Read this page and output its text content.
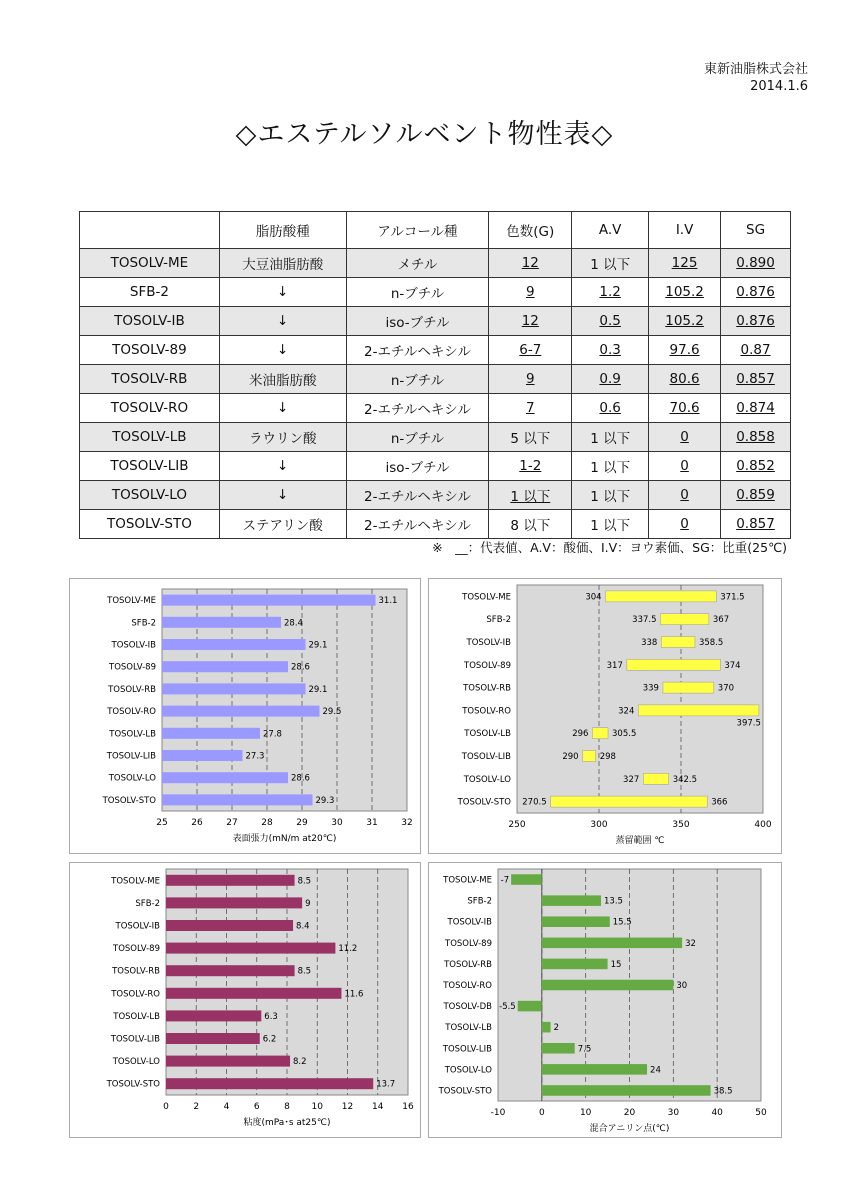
東新油脂株式会社
2014.1.6
◇エステルソルベント物性表◇
	脂肪酸種	アルコール種	色数(G)	A.V	I.V	SG
TOSOLV-ME	大豆油脂肪酸	メチル	12	1 以下	125	0.890
SFB-2	↓	n-ブチル	9	1.2	105.2	0.876
TOSOLV-IB	↓	iso-ブチル	12	0.5	105.2	0.876
TOSOLV-89	↓	2-エチルヘキシル	6-7	0.3	97.6	0.87
TOSOLV-RB	米油脂肪酸	n-ブチル	9	0.9	80.6	0.857
TOSOLV-RO	↓	2-エチルヘキシル	7	0.6	70.6	0.874
TOSOLV-LB	ラウリン酸	n-ブチル	5 以下	1 以下	0	0.858
TOSOLV-LIB	↓	iso-ブチル	1-2	1 以下	0	0.852
TOSOLV-LO	↓	2-エチルヘキシル	1 以下	1 以下	0	0.859
TOSOLV-STO	ステアリン酸	2-エチルヘキシル	8 以下	1 以下	0	0.857
※　__：代表値、A.V：酸価、I.V：ヨウ素価、SG：比重(25℃)
25	26	27	28	29	30	31	32
TOSOLV-ME	31.1
SFB-2	28.4
TOSOLV-IB	29.1
TOSOLV-89	28.6
TOSOLV-RB	29.1
TOSOLV-RO	29.5
TOSOLV-LB	27.8
TOSOLV-LIB	27.3
TOSOLV-LO	28.6
TOSOLV-STO	29.3
表面張力(mN/m at20℃)
250	300	350	400
TOSOLV-ME	304	371.5
SFB-2	337.5	367
TOSOLV-IB	338	358.5
TOSOLV-89	317	374
TOSOLV-RB	339	370
TOSOLV-RO	324
397.5
TOSOLV-LB	296	305.5
TOSOLV-LIB	290 298
TOSOLV-LO	327	342.5
TOSOLV-STO 270.5	366
蒸留範囲 ℃
0	2	4	6	8 10 12 14 16
TOSOLV-ME	8.5
SFB-2	9
TOSOLV-IB	8.4
TOSOLV-89	11.2
TOSOLV-RB	8.5
TOSOLV-RO	11.6
TOSOLV-LB	6.3
TOSOLV-LIB	6.2
TOSOLV-LO	8.2
TOSOLV-STO	13.7
粘度(mPa･s at25℃)
-10	0	10	20	30	40	50
TOSOLV-ME -7
SFB-2	13.5
TOSOLV-IB	15.5
TOSOLV-89	32
TOSOLV-RB	15
TOSOLV-RO	30
TOSOLV-DB -5.5
TOSOLV-LB	2
TOSOLV-LIB	7.5
TOSOLV-LO	24
TOSOLV-STO	38.5
混合アニリン点(℃)
